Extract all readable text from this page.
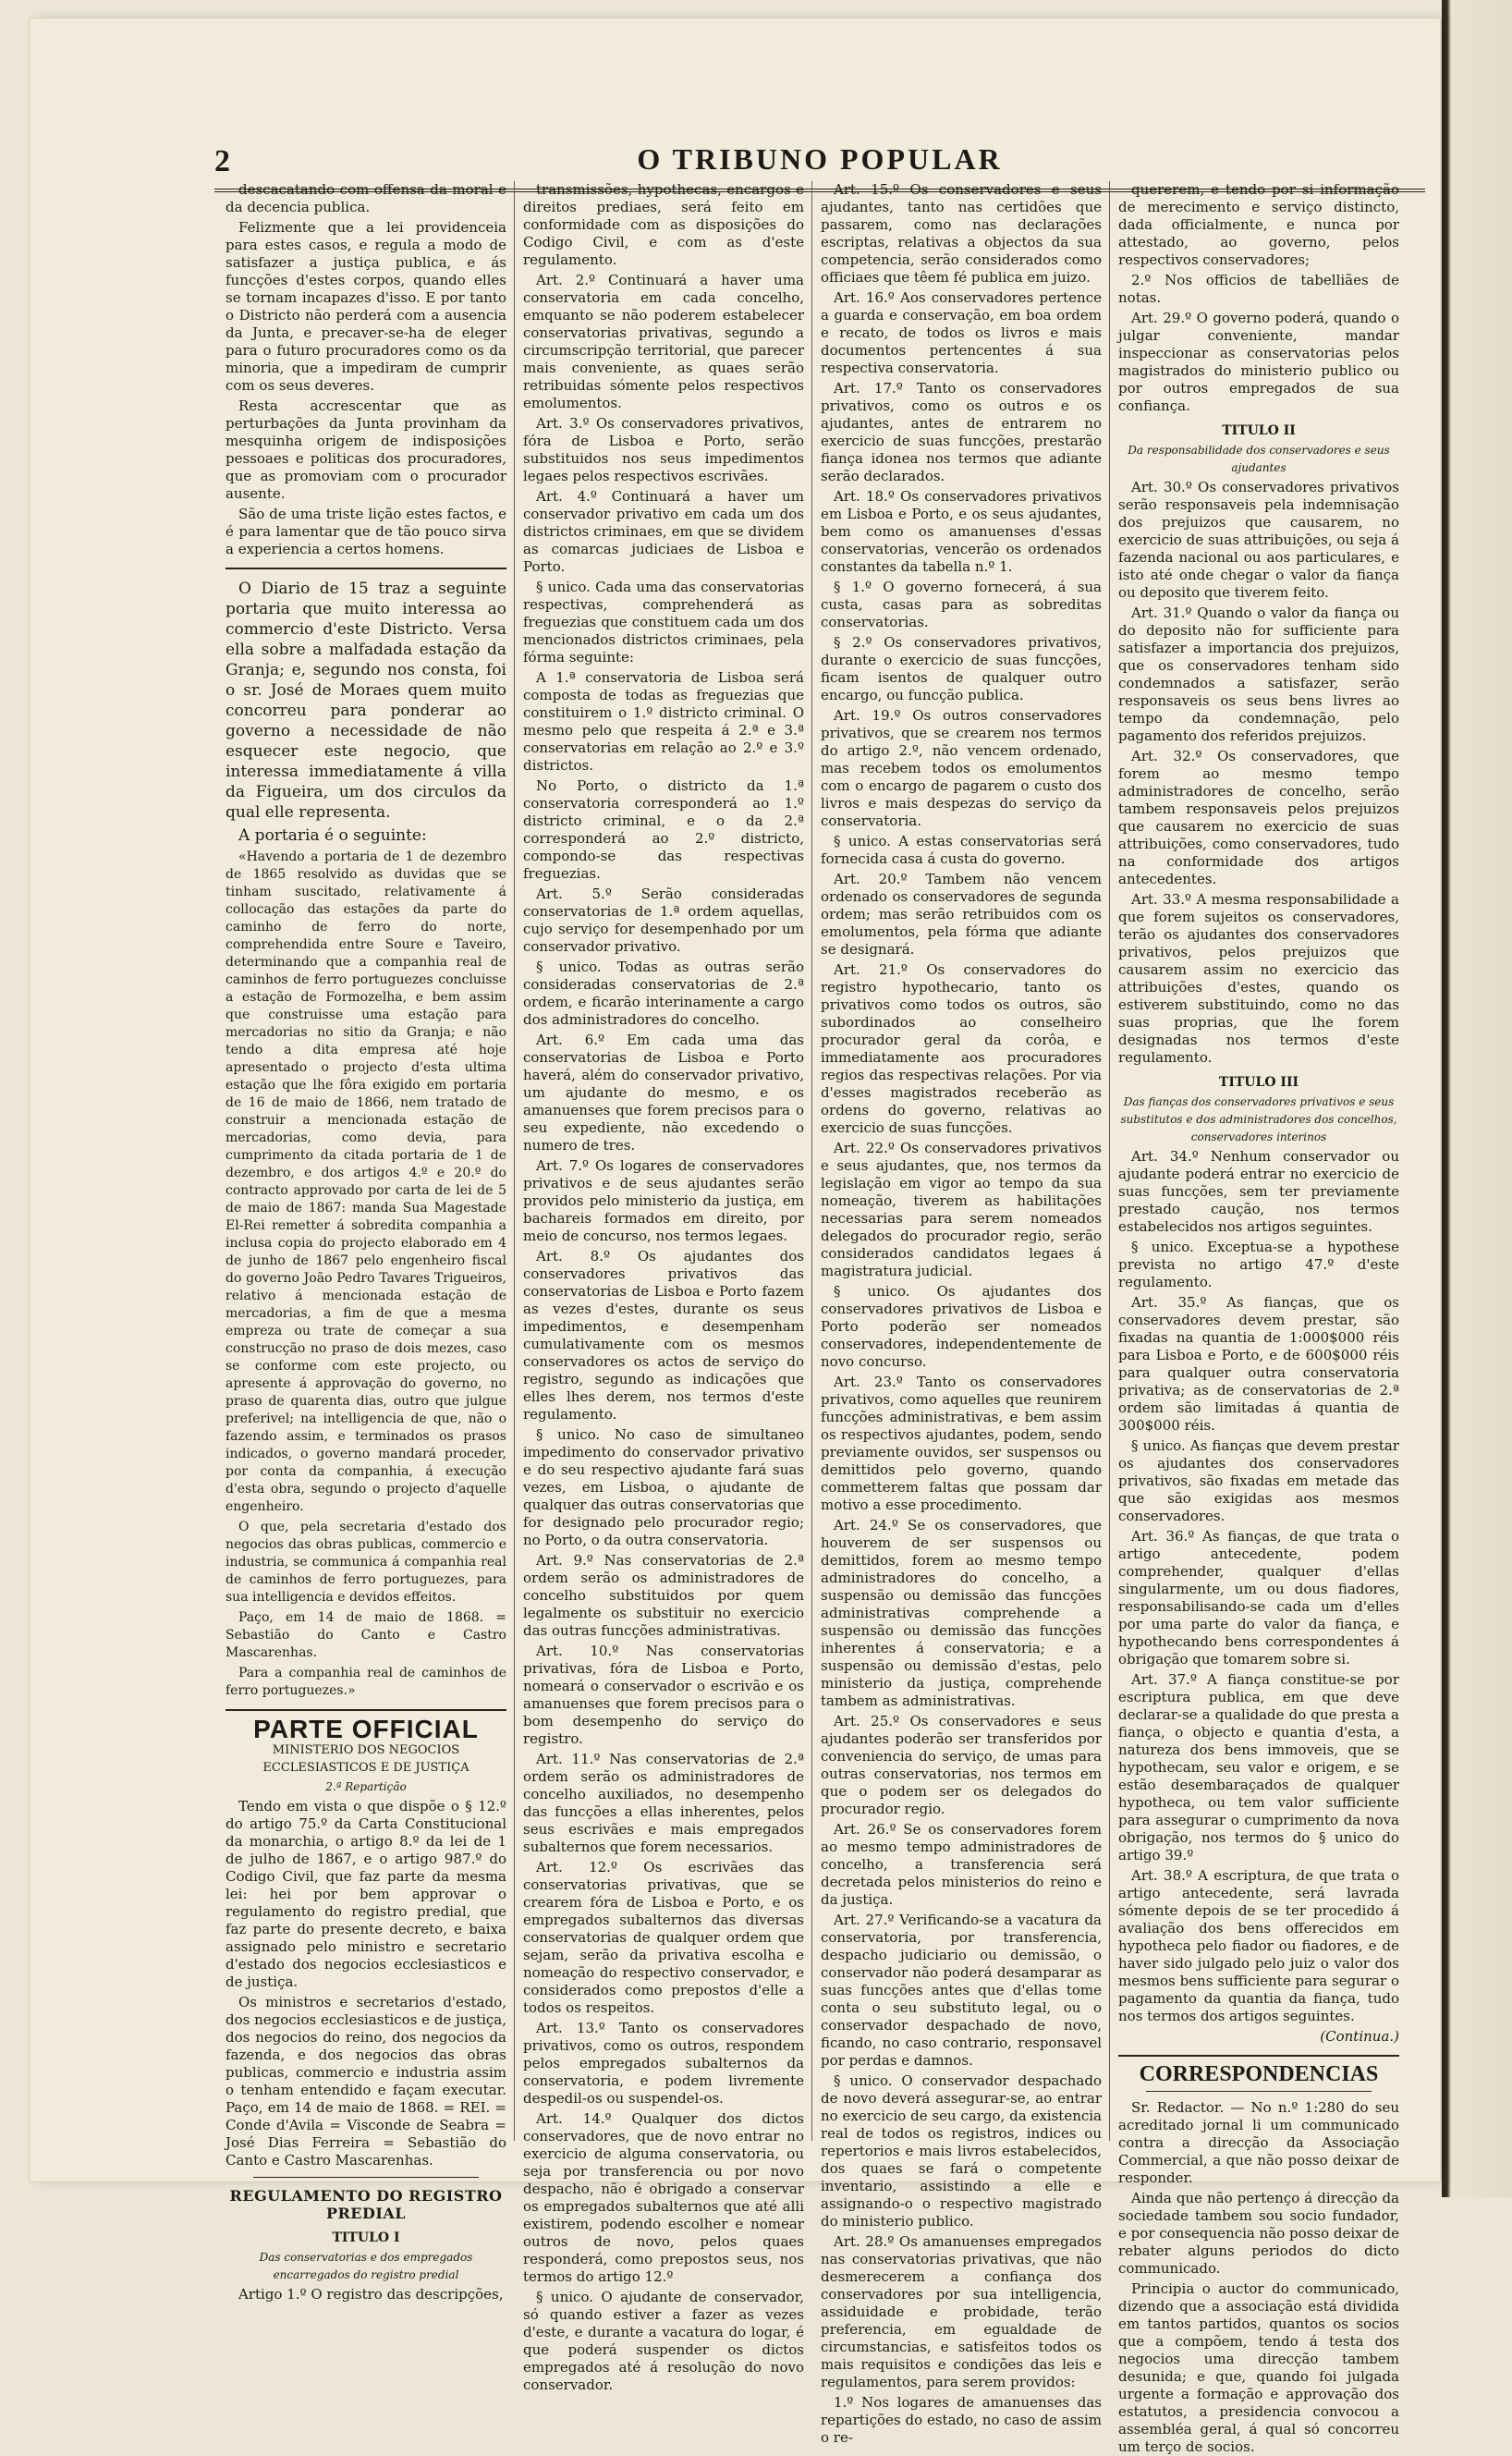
2	O TRIBUNO POPULAR

descacatando com offensa da moral e da decencia publica.

Felizmente que a lei providenceia para estes casos, e regula a modo de satisfazer a justiça publica, e ás funcções d'estes corpos, quando elles se tornam incapazes d'isso. E por tanto o Districto não perderá com a ausencia da Junta, e precaver-se-ha de eleger para o futuro procuradores como os da minoria, que a impediram de cumprir com os seus deveres.

Resta accrescentar que as perturbações da Junta provinham da mesquinha origem de indisposições pessoaes e politicas dos procuradores, que as promoviam com o procurador ausente.

São de uma triste lição estes factos, e é para lamentar que de tão pouco sirva a experiencia a certos homens.

O Diario de 15 traz a seguinte portaria que muito interessa ao commercio d'este Districto. Versa ella sobre a malfadada estação da Granja; e, segundo nos consta, foi o sr. José de Moraes quem muito concorreu para ponderar ao governo a necessidade de não esquecer este negocio, que interessa immediatamente á villa da Figueira, um dos circulos da qual elle representa.

A portaria é o seguinte:

«Havendo a portaria de 1 de dezembro de 1865 resolvido as duvidas que se tinham suscitado, relativamente á collocação das estações da parte do caminho de ferro do norte, comprehendida entre Soure e Taveiro, determinando que a companhia real de caminhos de ferro portuguezes concluisse a estação de Formozelha, e bem assim que construisse uma estação para mercadorias no sitio da Granja; e não tendo a dita empresa até hoje apresentado o projecto d'esta ultima estação que lhe fôra exigido em portaria de 16 de maio de 1866, nem tratado de construir a mencionada estação de mercadorias, como devia, para cumprimento da citada portaria de 1 de dezembro, e dos artigos 4.º e 20.º do contracto approvado por carta de lei de 5 de maio de 1867: manda Sua Magestade El-Rei remetter á sobredita companhia a inclusa copia do projecto elaborado em 4 de junho de 1867 pelo engenheiro fiscal do governo João Pedro Tavares Trigueiros, relativo á mencionada estação de mercadorias, a fim de que a mesma empreza ou trate de começar a sua construcção no praso de dois mezes, caso se conforme com este projecto, ou apresente á approvação do governo, no praso de quarenta dias, outro que julgue preferivel; na intelligencia de que, não o fazendo assim, e terminados os prasos indicados, o governo mandará proceder, por conta da companhia, á execução d'esta obra, segundo o projecto d'aquelle engenheiro.

O que, pela secretaria d'estado dos negocios das obras publicas, commercio e industria, se communica á companhia real de caminhos de ferro portuguezes, para sua intelligencia e devidos effeitos.

Paço, em 14 de maio de 1868. = Sebastião do Canto e Castro Mascarenhas.

Para a companhia real de caminhos de ferro portuguezes.»

PARTE OFFICIAL
MINISTERIO DOS NEGOCIOS ECCLESIASTICOS E DE JUSTIÇA
2.ª Repartição

Tendo em vista o que dispõe o § 12.º do artigo 75.º da Carta Constitucional da monarchia, o artigo 8.º da lei de 1 de julho de 1867, e o artigo 987.º do Codigo Civil, que faz parte da mesma lei: hei por bem approvar o regulamento do registro predial, que faz parte do presente decreto, e baixa assignado pelo ministro e secretario d'estado dos negocios ecclesiasticos e de justiça.

Os ministros e secretarios d'estado, dos negocios ecclesiasticos e de justiça, dos negocios do reino, dos negocios da fazenda, e dos negocios das obras publicas, commercio e industria assim o tenham entendido e façam executar. Paço, em 14 de maio de 1868. = REI. = Conde d'Avila = Visconde de Seabra = José Dias Ferreira = Sebastião do Canto e Castro Mascarenhas.

REGULAMENTO DO REGISTRO PREDIAL
TITULO I
Das conservatorias e dos empregados encarregados do registro predial

Artigo 1.º O registro das descripções,

transmissões, hypothecas, encargos e direitos prediaes, será feito em conformidade com as disposições do Codigo Civil, e com as d'este regulamento.

Art. 2.º Continuará a haver uma conservatoria em cada concelho, emquanto se não poderem estabelecer conservatorias privativas, segundo a circumscripção territorial, que parecer mais conveniente, as quaes serão retribuidas sómente pelos respectivos emolumentos.

Art. 3.º Os conservadores privativos, fóra de Lisboa e Porto, serão substituidos nos seus impedimentos legaes pelos respectivos escrivães.

Art. 4.º Continuará a haver um conservador privativo em cada um dos districtos criminaes, em que se dividem as comarcas judiciaes de Lisboa e Porto.

§ unico. Cada uma das conservatorias respectivas, comprehenderá as freguezias que constituem cada um dos mencionados districtos criminaes, pela fórma seguinte:

A 1.ª conservatoria de Lisboa será composta de todas as freguezias que constituirem o 1.º districto criminal. O mesmo pelo que respeita á 2.ª e 3.ª conservatorias em relação ao 2.º e 3.º districtos.

No Porto, o districto da 1.ª conservatoria corresponderá ao 1.º districto criminal, e o da 2.ª corresponderá ao 2.º districto, compondo-se das respectivas freguezias.

Art. 5.º Serão consideradas conservatorias de 1.ª ordem aquellas, cujo serviço for desempenhado por um conservador privativo.

§ unico. Todas as outras serão consideradas conservatorias de 2.ª ordem, e ficarão interinamente a cargo dos administradores do concelho.

Art. 6.º Em cada uma das conservatorias de Lisboa e Porto haverá, além do conservador privativo, um ajudante do mesmo, e os amanuenses que forem precisos para o seu expediente, não excedendo o numero de tres.

Art. 7.º Os logares de conservadores privativos e de seus ajudantes serão providos pelo ministerio da justiça, em bachareis formados em direito, por meio de concurso, nos termos legaes.

Art. 8.º Os ajudantes dos conservadores privativos das conservatorias de Lisboa e Porto fazem as vezes d'estes, durante os seus impedimentos, e desempenham cumulativamente com os mesmos conservadores os actos de serviço do registro, segundo as indicações que elles lhes derem, nos termos d'este regulamento.

§ unico. No caso de simultaneo impedimento do conservador privativo e do seu respectivo ajudante fará suas vezes, em Lisboa, o ajudante de qualquer das outras conservatorias que for designado pelo procurador regio; no Porto, o da outra conservatoria.

Art. 9.º Nas conservatorias de 2.ª ordem serão os administradores de concelho substituidos por quem legalmente os substituir no exercicio das outras funcções administrativas.

Art. 10.º Nas conservatorias privativas, fóra de Lisboa e Porto, nomeará o conservador o escrivão e os amanuenses que forem precisos para o bom desempenho do serviço do registro.

Art. 11.º Nas conservatorias de 2.ª ordem serão os administradores de concelho auxiliados, no desempenho das funcções a ellas inherentes, pelos seus escrivães e mais empregados subalternos que forem necessarios.

Art. 12.º Os escrivães das conservatorias privativas, que se crearem fóra de Lisboa e Porto, e os empregados subalternos das diversas conservatorias de qualquer ordem que sejam, serão da privativa escolha e nomeação do respectivo conservador, e considerados como prepostos d'elle a todos os respeitos.

Art. 13.º Tanto os conservadores privativos, como os outros, respondem pelos empregados subalternos da conservatoria, e podem livremente despedil-os ou suspendel-os.

Art. 14.º Qualquer dos dictos conservadores, que de novo entrar no exercicio de alguma conservatoria, ou seja por transferencia ou por novo despacho, não é obrigado a conservar os empregados subalternos que até alli existirem, podendo escolher e nomear outros de novo, pelos quaes responderá, como prepostos seus, nos termos do artigo 12.º

§ unico. O ajudante de conservador, só quando estiver a fazer as vezes d'este, e durante a vacatura do logar, é que poderá suspender os dictos empregados até á resolução do novo conservador.

Art. 15.º Os conservadores e seus ajudantes, tanto nas certidões que passarem, como nas declarações escriptas, relativas a objectos da sua competencia, serão considerados como officiaes que têem fé publica em juizo.

Art. 16.º Aos conservadores pertence a guarda e conservação, em boa ordem e recato, de todos os livros e mais documentos pertencentes á sua respectiva conservatoria.

Art. 17.º Tanto os conservadores privativos, como os outros e os ajudantes, antes de entrarem no exercicio de suas funcções, prestarão fiança idonea nos termos que adiante serão declarados.

Art. 18.º Os conservadores privativos em Lisboa e Porto, e os seus ajudantes, bem como os amanuenses d'essas conservatorias, vencerão os ordenados constantes da tabella n.º 1.

§ 1.º O governo fornecerá, á sua custa, casas para as sobreditas conservatorias.

§ 2.º Os conservadores privativos, durante o exercicio de suas funcções, ficam isentos de qualquer outro encargo, ou funcção publica.

Art. 19.º Os outros conservadores privativos, que se crearem nos termos do artigo 2.º, não vencem ordenado, mas recebem todos os emolumentos com o encargo de pagarem o custo dos livros e mais despezas do serviço da conservatoria.

§ unico. A estas conservatorias será fornecida casa á custa do governo.

Art. 20.º Tambem não vencem ordenado os conservadores de segunda ordem; mas serão retribuidos com os emolumentos, pela fórma que adiante se designará.

Art. 21.º Os conservadores do registro hypothecario, tanto os privativos como todos os outros, são subordinados ao conselheiro procurador geral da corôa, e immediatamente aos procuradores regios das respectivas relações. Por via d'esses magistrados receberão as ordens do governo, relativas ao exercicio de suas funcções.

Art. 22.º Os conservadores privativos e seus ajudantes, que, nos termos da legislação em vigor ao tempo da sua nomeação, tiverem as habilitações necessarias para serem nomeados delegados do procurador regio, serão considerados candidatos legaes á magistratura judicial.

§ unico. Os ajudantes dos conservadores privativos de Lisboa e Porto poderão ser nomeados conservadores, independentemente de novo concurso.

Art. 23.º Tanto os conservadores privativos, como aquelles que reunirem funcções administrativas, e bem assim os respectivos ajudantes, podem, sendo previamente ouvidos, ser suspensos ou demittidos pelo governo, quando commetterem faltas que possam dar motivo a esse procedimento.

Art. 24.º Se os conservadores, que houverem de ser suspensos ou demittidos, forem ao mesmo tempo administradores do concelho, a suspensão ou demissão das funcções administrativas comprehende a suspensão ou demissão das funcções inherentes á conservatoria; e a suspensão ou demissão d'estas, pelo ministerio da justiça, comprehende tambem as administrativas.

Art. 25.º Os conservadores e seus ajudantes poderão ser transferidos por conveniencia do serviço, de umas para outras conservatorias, nos termos em que o podem ser os delegados do procurador regio.

Art. 26.º Se os conservadores forem ao mesmo tempo administradores de concelho, a transferencia será decretada pelos ministerios do reino e da justiça.

Art. 27.º Verificando-se a vacatura da conservatoria, por transferencia, despacho judiciario ou demissão, o conservador não poderá desamparar as suas funcções antes que d'ellas tome conta o seu substituto legal, ou o conservador despachado de novo, ficando, no caso contrario, responsavel por perdas e damnos.

§ unico. O conservador despachado de novo deverá assegurar-se, ao entrar no exercicio de seu cargo, da existencia real de todos os registros, indices ou repertorios e mais livros estabelecidos, dos quaes se fará o competente inventario, assistindo a elle e assignando-o o respectivo magistrado do ministerio publico.

Art. 28.º Os amanuenses empregados nas conservatorias privativas, que não desmerecerem a confiança dos conservadores por sua intelligencia, assiduidade e probidade, terão preferencia, em egualdade de circumstancias, e satisfeitos todos os mais requisitos e condições das leis e regulamentos, para serem providos:

1.º Nos logares de amanuenses das repartições do estado, no caso de assim o re-

quererem, e tendo por si informação de merecimento e serviço distincto, dada officialmente, e nunca por attestado, ao governo, pelos respectivos conservadores;

2.º Nos officios de tabelliães de notas.

Art. 29.º O governo poderá, quando o julgar conveniente, mandar inspeccionar as conservatorias pelos magistrados do ministerio publico ou por outros empregados de sua confiança.

TITULO II
Da responsabilidade dos conservadores e seus ajudantes

Art. 30.º Os conservadores privativos serão responsaveis pela indemnisação dos prejuizos que causarem, no exercicio de suas attribuições, ou seja á fazenda nacional ou aos particulares, e isto até onde chegar o valor da fiança ou deposito que tiverem feito.

Art. 31.º Quando o valor da fiança ou do deposito não for sufficiente para satisfazer a importancia dos prejuizos, que os conservadores tenham sido condemnados a satisfazer, serão responsaveis os seus bens livres ao tempo da condemnação, pelo pagamento dos referidos prejuizos.

Art. 32.º Os conservadores, que forem ao mesmo tempo administradores de concelho, serão tambem responsaveis pelos prejuizos que causarem no exercicio de suas attribuições, como conservadores, tudo na conformidade dos artigos antecedentes.

Art. 33.º A mesma responsabilidade a que forem sujeitos os conservadores, terão os ajudantes dos conservadores privativos, pelos prejuizos que causarem assim no exercicio das attribuições d'estes, quando os estiverem substituindo, como no das suas proprias, que lhe forem designadas nos termos d'este regulamento.

TITULO III
Das fianças dos conservadores privativos e seus substitutos e dos administradores dos concelhos, conservadores interinos

Art. 34.º Nenhum conservador ou ajudante poderá entrar no exercicio de suas funcções, sem ter previamente prestado caução, nos termos estabelecidos nos artigos seguintes.

§ unico. Exceptua-se a hypothese prevista no artigo 47.º d'este regulamento.

Art. 35.º As fianças, que os conservadores devem prestar, são fixadas na quantia de 1:000$000 réis para Lisboa e Porto, e de 600$000 réis para qualquer outra conservatoria privativa; as de conservatorias de 2.ª ordem são limitadas á quantia de 300$000 réis.

§ unico. As fianças que devem prestar os ajudantes dos conservadores privativos, são fixadas em metade das que são exigidas aos mesmos conservadores.

Art. 36.º As fianças, de que trata o artigo antecedente, podem comprehender, qualquer d'ellas singularmente, um ou dous fiadores, responsabilisando-se cada um d'elles por uma parte do valor da fiança, e hypothecando bens correspondentes á obrigação que tomarem sobre si.

Art. 37.º A fiança constitue-se por escriptura publica, em que deve declarar-se a qualidade do que presta a fiança, o objecto e quantia d'esta, a natureza dos bens immoveis, que se hypothecam, seu valor e origem, e se estão desembaraçados de qualquer hypotheca, ou tem valor sufficiente para assegurar o cumprimento da nova obrigação, nos termos do § unico do artigo 39.º

Art. 38.º A escriptura, de que trata o artigo antecedente, será lavrada sómente depois de se ter procedido á avaliação dos bens offerecidos em hypotheca pelo fiador ou fiadores, e de haver sido julgado pelo juiz o valor dos mesmos bens sufficiente para segurar o pagamento da quantia da fiança, tudo nos termos dos artigos seguintes.

(Continua.)
CORRESPONDENCIAS

Sr. Redactor. — No n.º 1:280 do seu acreditado jornal li um communicado contra a direcção da Associação Commercial, a que não posso deixar de responder.

Ainda que não pertenço á direcção da sociedade tambem sou socio fundador, e por consequencia não posso deixar de rebater alguns periodos do dicto communicado.

Principia o auctor do communicado, dizendo que a associação está dividida em tantos partidos, quantos os socios que a compõem, tendo á testa dos negocios uma direcção tambem desunida; e que, quando foi julgada urgente a formação e approvação dos estatutos, a presidencia convocou a assembléa geral, á qual só concorreu um terço de socios.
